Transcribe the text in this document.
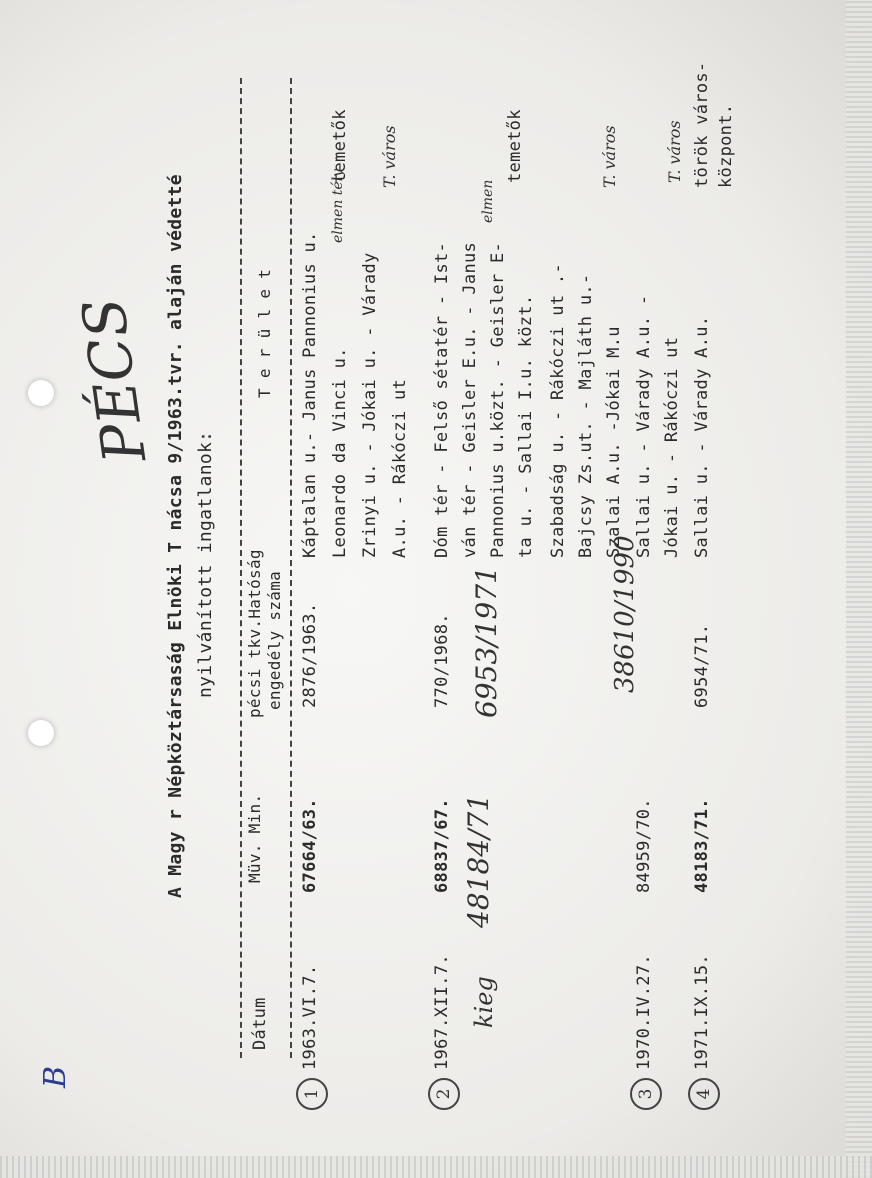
PÉCS
B
A Magy r Népköztársaság Elnöki T nácsa 9/1963.tvr. alaján védetté nyilvánított ingatlanok:
Dátum
Müv. Min.
pécsi tkv.Hatóság engedély száma
T e r ü l e t
1
1963.VI.7.
67664/63.
2876/1963.
Káptalan u.- Janus Pannonius u. Leonardo da Vinci u. Zrinyi u. - Jókai u. - Várady A.u. - Rákóczi ut
elmen tély
temetők T. város
2
1967.XII.7.
68837/67.
770/1968.
Dóm tér - Felső sétatér - Ist- ván tér - Geisler E.u. - Janus Pannonius u.közt. - Geisler E- ta u. - Sallai I.u. közt.
kieg
48184/71
6953/1971
elmen
temetők
Szabadság u. - Rákóczi ut .- Bajcsy Zs.ut. - Majláth u.- Szalai A.u. -Jókai M.u
T. város
3
1970.IV.27.
84959/70.
38610/1990
Sallai u. - Várady A.u. - Jókai u. - Rákóczi ut
T. város
4
1971.IX.15.
48183/71.
6954/71.
Sallai u. - Várady A.u.
török város- központ.
